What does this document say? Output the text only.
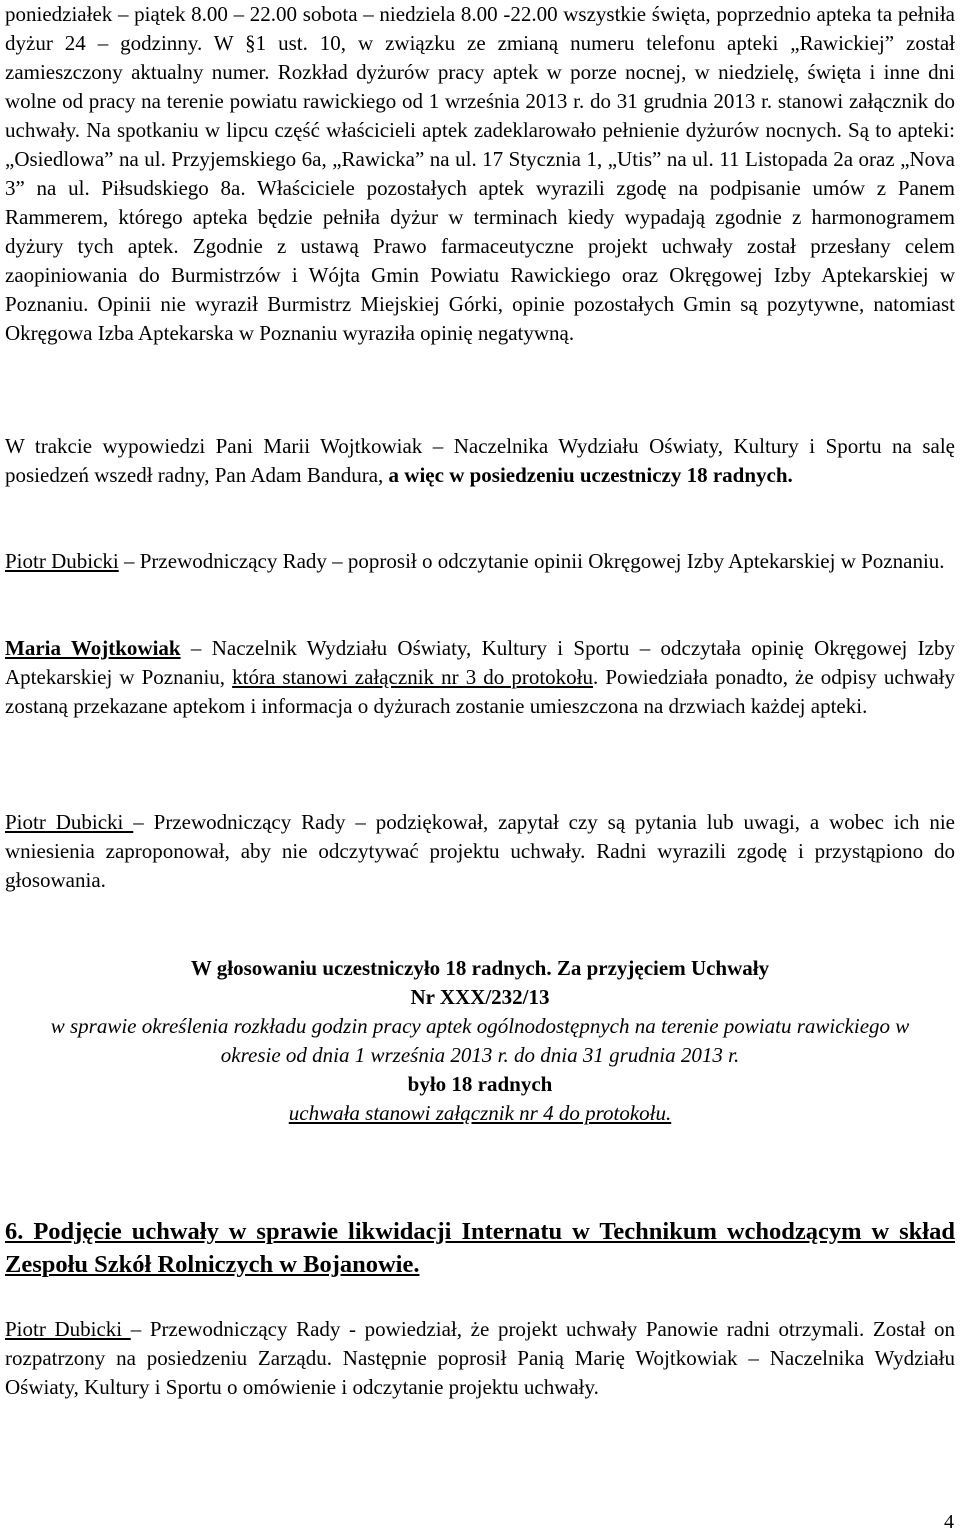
poniedziałek – piątek 8.00 – 22.00 sobota – niedziela 8.00 -22.00 wszystkie święta, poprzednio apteka ta pełniła dyżur 24 – godzinny. W §1 ust. 10, w związku ze zmianą numeru telefonu apteki „Rawickiej” został zamieszczony aktualny numer. Rozkład dyżurów pracy aptek w porze nocnej, w niedzielę, święta i inne dni wolne od pracy na terenie powiatu rawickiego od 1 września 2013 r. do 31 grudnia 2013 r. stanowi załącznik do uchwały. Na spotkaniu w lipcu część właścicieli aptek zadeklarowało pełnienie dyżurów nocnych. Są to apteki: „Osiedlowa” na ul. Przyjemskiego 6a, „Rawicka” na ul. 17 Stycznia 1, „Utis” na ul. 11 Listopada 2a oraz „Nova 3” na ul. Piłsudskiego 8a. Właściciele pozostałych aptek wyrazili zgodę na podpisanie umów z Panem Rammerem, którego apteka będzie pełniła dyżur w terminach kiedy wypadają zgodnie z harmonogramem dyżury tych aptek. Zgodnie z ustawą Prawo farmaceutyczne projekt uchwały został przesłany celem zaopiniowania do Burmistrzów i Wójta Gmin Powiatu Rawickiego oraz Okręgowej Izby Aptekarskiej w Poznaniu. Opinii nie wyraził Burmistrz Miejskiej Górki, opinie pozostałych Gmin są pozytywne, natomiast Okręgowa Izba Aptekarska w Poznaniu wyraziła opinię negatywną.

W trakcie wypowiedzi Pani Marii Wojtkowiak – Naczelnika Wydziału Oświaty, Kultury i Sportu na salę posiedzeń wszedł radny, Pan Adam Bandura, a więc w posiedzeniu uczestniczy 18 radnych.

Piotr Dubicki – Przewodniczący Rady – poprosił o odczytanie opinii Okręgowej Izby Aptekarskiej w Poznaniu.

Maria Wojtkowiak – Naczelnik Wydziału Oświaty, Kultury i Sportu – odczytała opinię Okręgowej Izby Aptekarskiej w Poznaniu, która stanowi załącznik nr 3 do protokołu. Powiedziała ponadto, że odpisy uchwały zostaną przekazane aptekom i informacja o dyżurach zostanie umieszczona na drzwiach każdej apteki.

Piotr Dubicki – Przewodniczący Rady – podziękował, zapytał czy są pytania lub uwagi, a wobec ich nie wniesienia zaproponował, aby nie odczytywać projektu uchwały. Radni wyrazili zgodę i przystąpiono do głosowania.

W głosowaniu uczestniczyło 18 radnych. Za przyjęciem Uchwały

Nr XXX/232/13

w sprawie określenia rozkładu godzin pracy aptek ogólnodostępnych na terenie powiatu rawickiego w okresie od dnia 1 września 2013 r. do dnia 31 grudnia 2013 r.

było 18 radnych

uchwała stanowi załącznik nr 4 do protokołu.

6. Podjęcie uchwały w sprawie likwidacji Internatu w Technikum wchodzącym w skład Zespołu Szkół Rolniczych w Bojanowie.

Piotr Dubicki – Przewodniczący Rady - powiedział, że projekt uchwały Panowie radni otrzymali. Został on rozpatrzony na posiedzeniu Zarządu. Następnie poprosił Panią Marię Wojtkowiak – Naczelnika Wydziału Oświaty, Kultury i Sportu o omówienie i odczytanie projektu uchwały.

4
